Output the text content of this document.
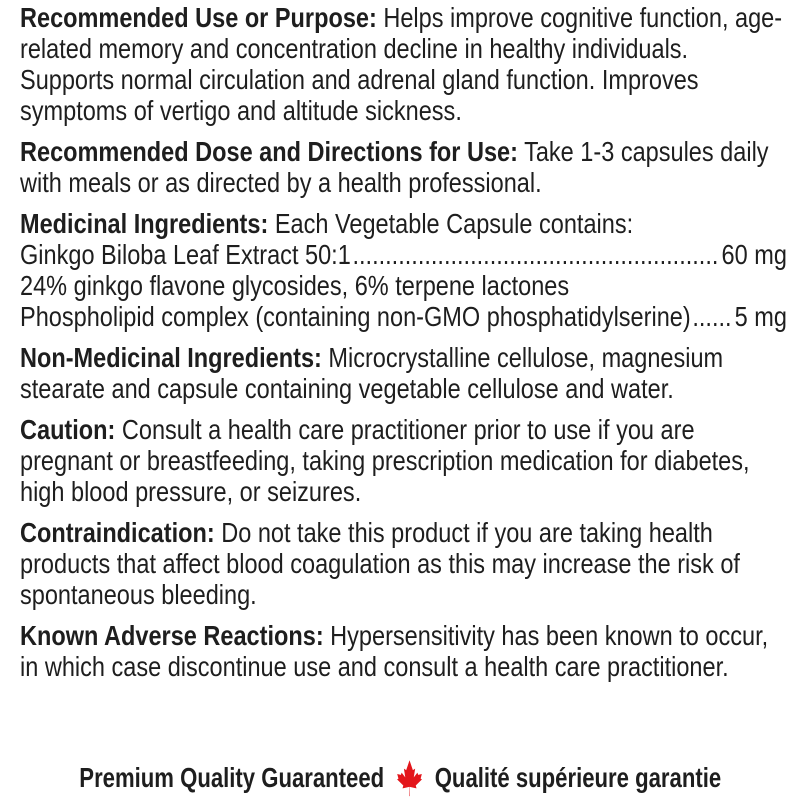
Recommended Use or Purpose: Helps improve cognitive function, age-related memory and concentration decline in healthy individuals. Supports normal circulation and adrenal gland function. Improves symptoms of vertigo and altitude sickness.
Recommended Dose and Directions for Use: Take 1-3 capsules daily with meals or as directed by a health professional.
Medicinal Ingredients: Each Vegetable Capsule contains:
Ginkgo Biloba Leaf Extract 50:1 .....	60 mg
24% ginkgo flavone glycosides, 6% terpene lactones
Phospholipid complex (containing non-GMO phosphatidylserine) ..... 5 mg
Non-Medicinal Ingredients: Microcrystalline cellulose, magnesium stearate and capsule containing vegetable cellulose and water.
Caution: Consult a health care practitioner prior to use if you are pregnant or breastfeeding, taking prescription medication for diabetes, high blood pressure, or seizures.
Contraindication: Do not take this product if you are taking health products that affect blood coagulation as this may increase the risk of spontaneous bleeding.
Known Adverse Reactions: Hypersensitivity has been known to occur, in which case discontinue use and consult a health care practitioner.
Premium Quality Guaranteed Qualité supérieure garantie
